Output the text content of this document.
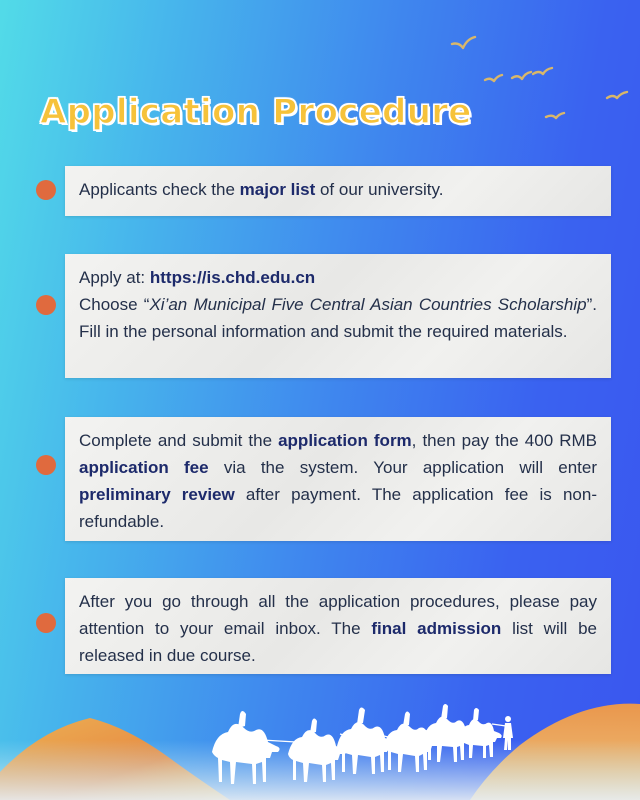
Application Procedure

Applicants check the major list of our university.

Apply at: https://is.chd.edu.cn

Choose “Xi’an Municipal Five Central Asian Countries Scholarship”. Fill in the personal information and submit the required materials.

Complete and submit the application form, then pay the 400 RMB application fee via the system. Your application will enter preliminary review after payment. The application fee is non-refundable.

After you go through all the application procedures, please pay attention to your email inbox. The final admission list will be released in due course.
